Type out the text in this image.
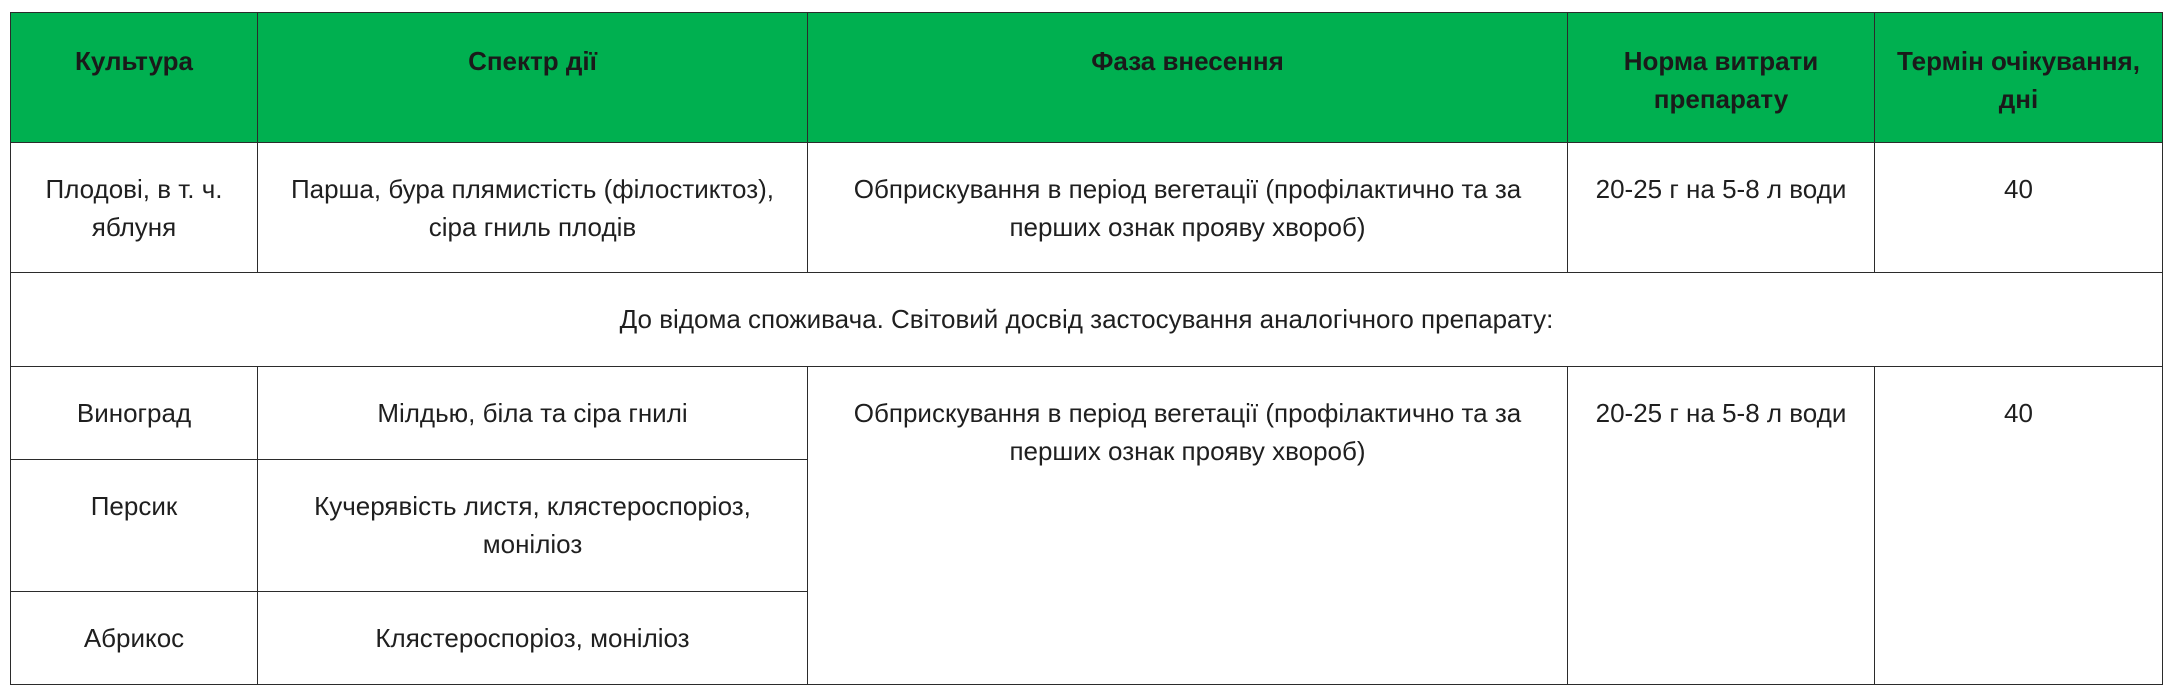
Культура	Спектр дії	Фаза внесення	Норма витрати препарату	Термін очікування, дні
Плодові, в т. ч. яблуня	Парша, бура плямистість (філостиктоз), сіра гниль плодів	Обприскування в період вегетації (профілактично та за перших ознак прояву хвороб)	20-25 г на 5-8 л води	40
До відома споживача. Світовий досвід застосування аналогічного препарату:				
Виноград	Мілдью, біла та сіра гнилі	Обприскування в період вегетації (профілактично та за перших ознак прояву хвороб)	20-25 г на 5-8 л води	40
Персик	Кучерявість листя, клястероспоріоз, моніліоз			
Абрикос	Клястероспоріоз, моніліоз			
